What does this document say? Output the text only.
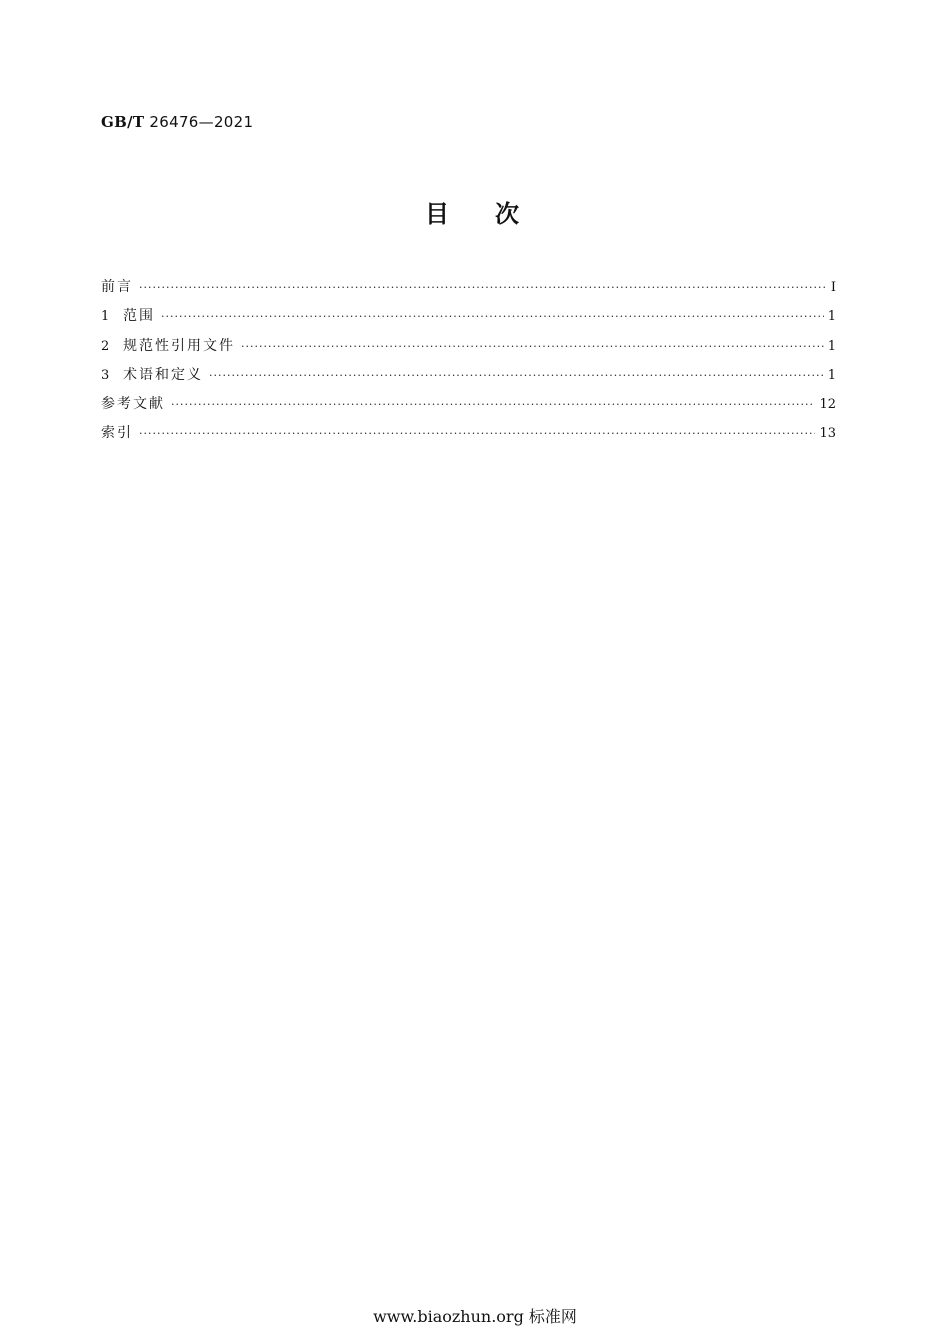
GB/T 26476—2021
目次
前言 ·····	Ⅰ
1 范围 ·····	1
2 规范性引用文件 ·····	1
3 术语和定义 ·····	1
参考文献 ·····	12
索引 ·····	13
www.biaozhun.org 标准网
